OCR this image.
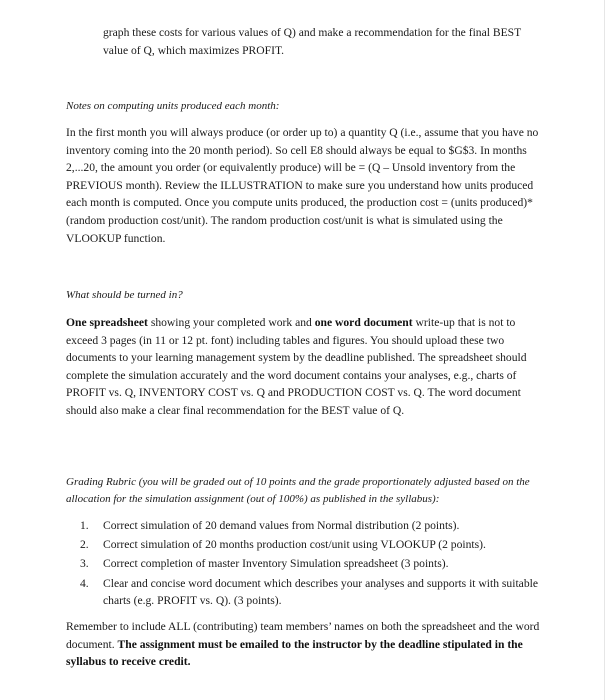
graph these costs for various values of Q) and make a recommendation for the final BEST value of Q, which maximizes PROFIT.

Notes on computing units produced each month:

In the first month you will always produce (or order up to) a quantity Q (i.e., assume that you have no inventory coming into the 20 month period). So cell E8 should always be equal to $G$3. In months 2,...20, the amount you order (or equivalently produce) will be = (Q – Unsold inventory from the PREVIOUS month). Review the ILLUSTRATION to make sure you understand how units produced each month is computed. Once you compute units produced, the production cost = (units produced)*(random production cost/unit). The random production cost/unit is what is simulated using the VLOOKUP function.

What should be turned in?

One spreadsheet showing your completed work and one word document write-up that is not to exceed 3 pages (in 11 or 12 pt. font) including tables and figures. You should upload these two documents to your learning management system by the deadline published. The spreadsheet should complete the simulation accurately and the word document contains your analyses, e.g., charts of PROFIT vs. Q, INVENTORY COST vs. Q and PRODUCTION COST vs. Q. The word document should also make a clear final recommendation for the BEST value of Q.

Grading Rubric (you will be graded out of 10 points and the grade proportionately adjusted based on the allocation for the simulation assignment (out of 100%) as published in the syllabus):

1.	Correct simulation of 20 demand values from Normal distribution (2 points).
2.	Correct simulation of 20 months production cost/unit using VLOOKUP (2 points).
3.	Correct completion of master Inventory Simulation spreadsheet (3 points).
4.	Clear and concise word document which describes your analyses and supports it with suitable charts (e.g. PROFIT vs. Q). (3 points).

Remember to include ALL (contributing) team members’ names on both the spreadsheet and the word document. The assignment must be emailed to the instructor by the deadline stipulated in the syllabus to receive credit.
